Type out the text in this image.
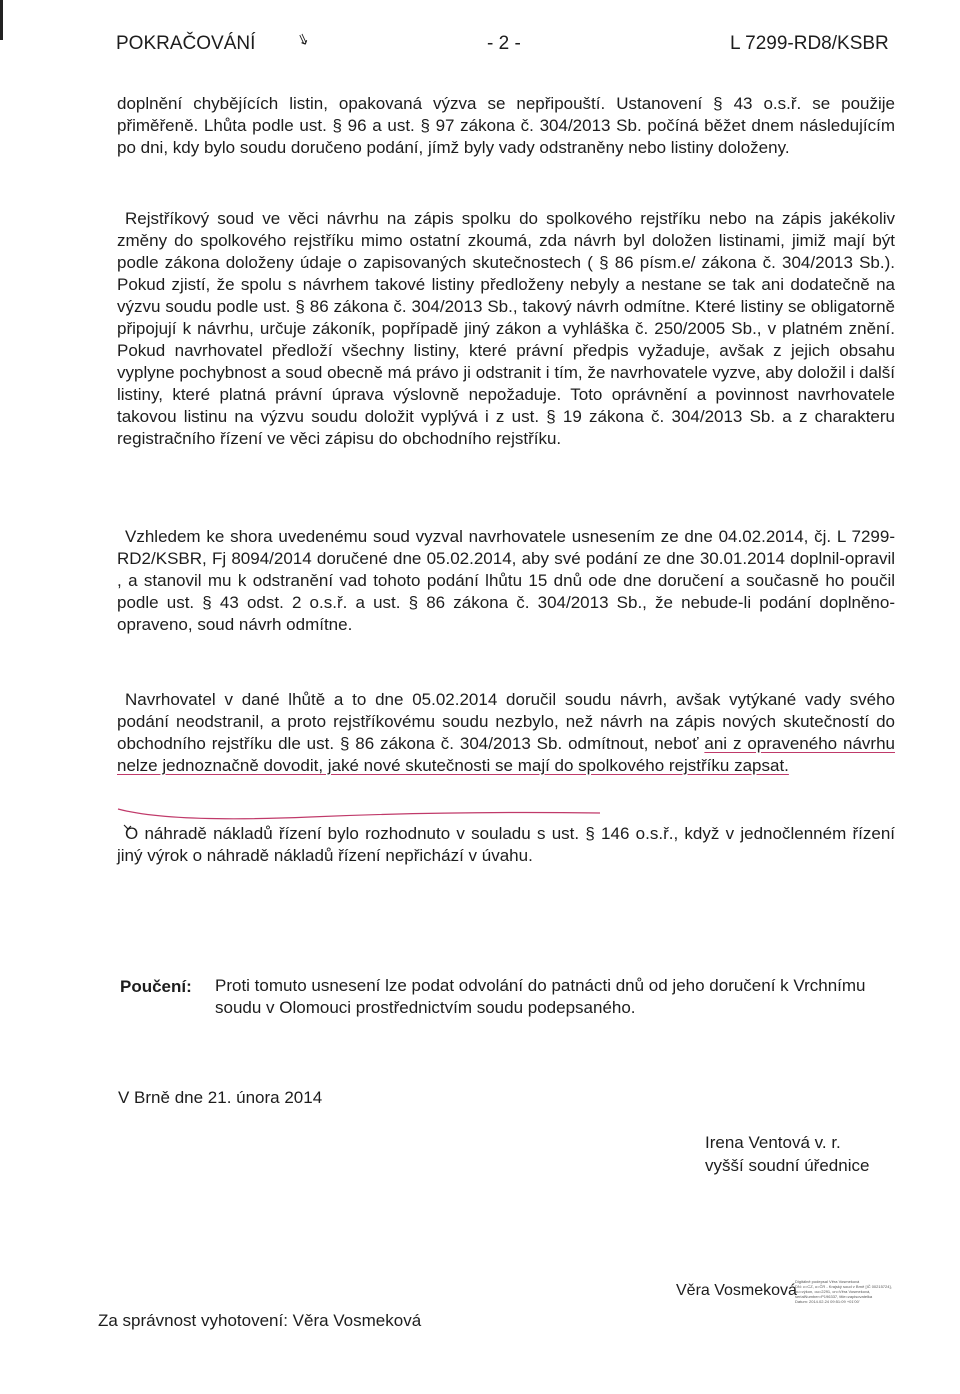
POKRAČOVÁNÍ	⇘	- 2 -	L 7299-RD8/KSBR

doplnění chybějících listin, opakovaná výzva se nepřipouští. Ustanovení § 43 o.s.ř. se použije přiměřeně. Lhůta podle ust. § 96 a ust. § 97 zákona č. 304/2013 Sb. počíná běžet dnem následujícím po dni, kdy bylo soudu doručeno podání, jímž byly vady odstraněny nebo listiny doloženy.

Rejstříkový soud ve věci návrhu na zápis spolku do spolkového rejstříku nebo na zápis jakékoliv změny do spolkového rejstříku mimo ostatní zkoumá, zda návrh byl doložen listinami, jimiž mají být podle zákona doloženy údaje o zapisovaných skutečnostech ( § 86 písm.e/ zákona č. 304/2013 Sb.). Pokud zjistí, že spolu s návrhem takové listiny předloženy nebyly a nestane se tak ani dodatečně na výzvu soudu podle ust. § 86 zákona č. 304/2013 Sb., takový návrh odmítne. Které listiny se obligatorně připojují k návrhu, určuje zákoník, popřípadě jiný zákon a vyhláška č. 250/2005 Sb., v platném znění. Pokud navrhovatel předloží všechny listiny, které právní předpis vyžaduje, avšak z jejich obsahu vyplyne pochybnost a soud obecně má právo ji odstranit i tím, že navrhovatele vyzve, aby doložil i další listiny, které platná právní úprava výslovně nepožaduje. Toto oprávnění a povinnost navrhovatele takovou listinu na výzvu soudu doložit vyplývá i z ust. § 19 zákona č. 304/2013 Sb. a z charakteru registračního řízení ve věci zápisu do obchodního rejstříku.

Vzhledem ke shora uvedenému soud vyzval navrhovatele usnesením ze dne 04.02.2014, čj. L 7299-RD2/KSBR, Fj 8094/2014 doručené dne 05.02.2014, aby své podání ze dne 30.01.2014 doplnil-opravil , a stanovil mu k odstranění vad tohoto podání lhůtu 15 dnů ode dne doručení a současně ho poučil podle ust. § 43 odst. 2 o.s.ř. a ust. § 86 zákona č. 304/2013 Sb., že nebude-li podání doplněno-opraveno, soud návrh odmítne.

Navrhovatel v dané lhůtě a to dne 05.02.2014 doručil soudu návrh, avšak vytýkané vady svého podání neodstranil, a proto rejstříkovému soudu nezbylo, než návrh na zápis nových skutečností do obchodního rejstříku dle ust. § 86 zákona č. 304/2013 Sb. odmítnout, neboť ani z opraveného návrhu nelze jednoznačně dovodit, jaké nové skutečnosti se mají do spolkového rejstříku zapsat.

O náhradě nákladů řízení bylo rozhodnuto v souladu s ust. § 146 o.s.ř., když v jednočlenném řízení jiný výrok o náhradě nákladů řízení nepřichází v úvahu.

Poučení: Proti tomuto usnesení lze podat odvolání do patnácti dnů od jeho doručení k Vrchnímu soudu v Olomouci prostřednictvím soudu podepsaného.
V Brně dne 21. února 2014
Irena Ventová v. r.
vyšší soudní úřednice
Věra Vosmeková
Digitálně podepsal Věra Vosmeková
DN: c=CZ, o=ČR - Krajský soud v Brně [IČ 00215724],
ou=výkon, ou=2291, cn=Věra Vosmeková,
serialNumber=P196337, title=zapisovatelka
Datum: 2014.02.24 09:51:09 +01'00'
Za správnost vyhotovení: Věra Vosmeková
